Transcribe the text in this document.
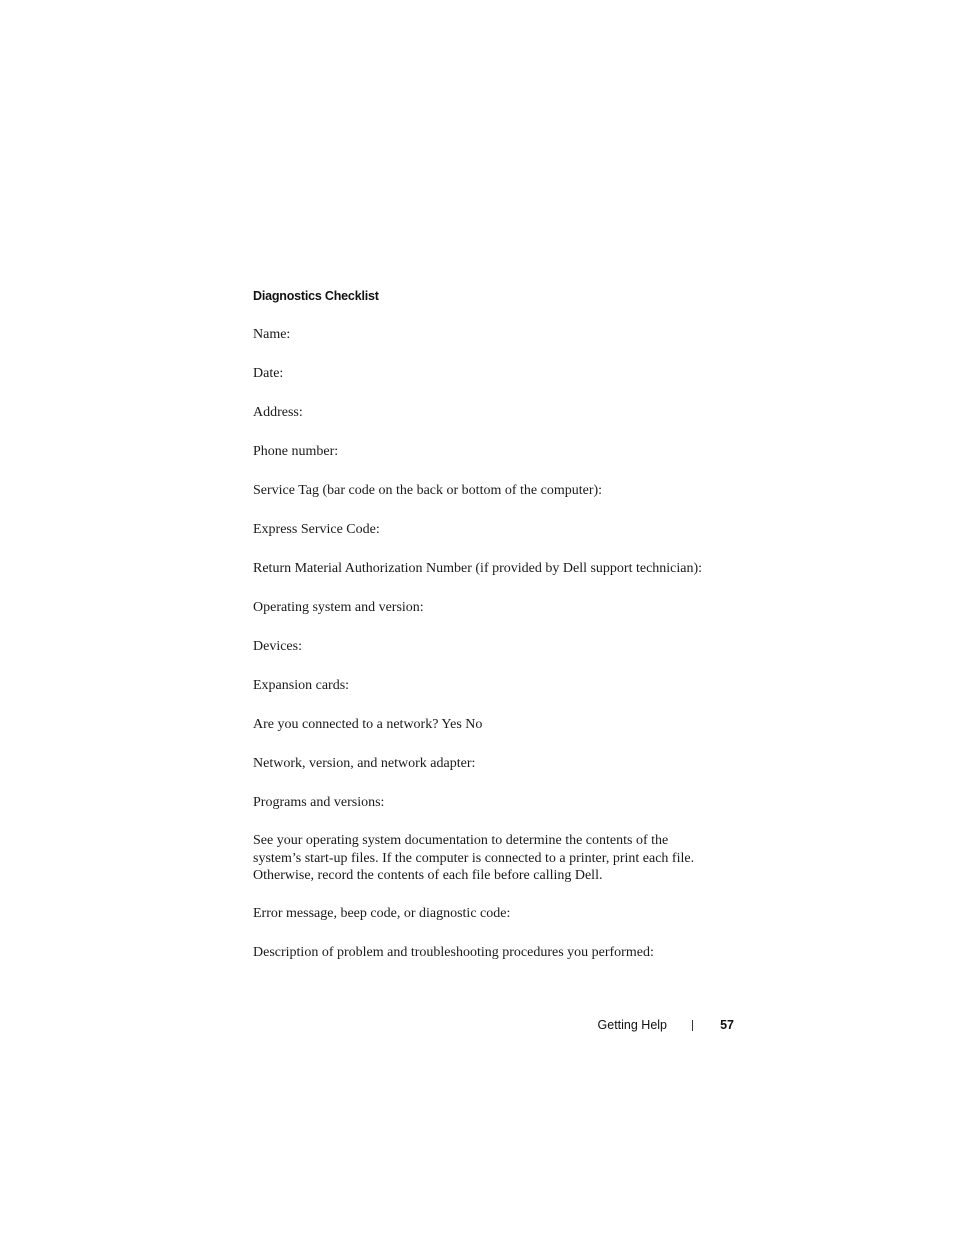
Diagnostics Checklist
Name:
Date:
Address:
Phone number:
Service Tag (bar code on the back or bottom of the computer):
Express Service Code:
Return Material Authorization Number (if provided by Dell support technician):
Operating system and version:
Devices:
Expansion cards:
Are you connected to a network? Yes No
Network, version, and network adapter:
Programs and versions:
See your operating system documentation to determine the contents of the
system’s start-up files. If the computer is connected to a printer, print each file.
Otherwise, record the contents of each file before calling Dell.
Error message, beep code, or diagnostic code:
Description of problem and troubleshooting procedures you performed:
Getting Help	57
